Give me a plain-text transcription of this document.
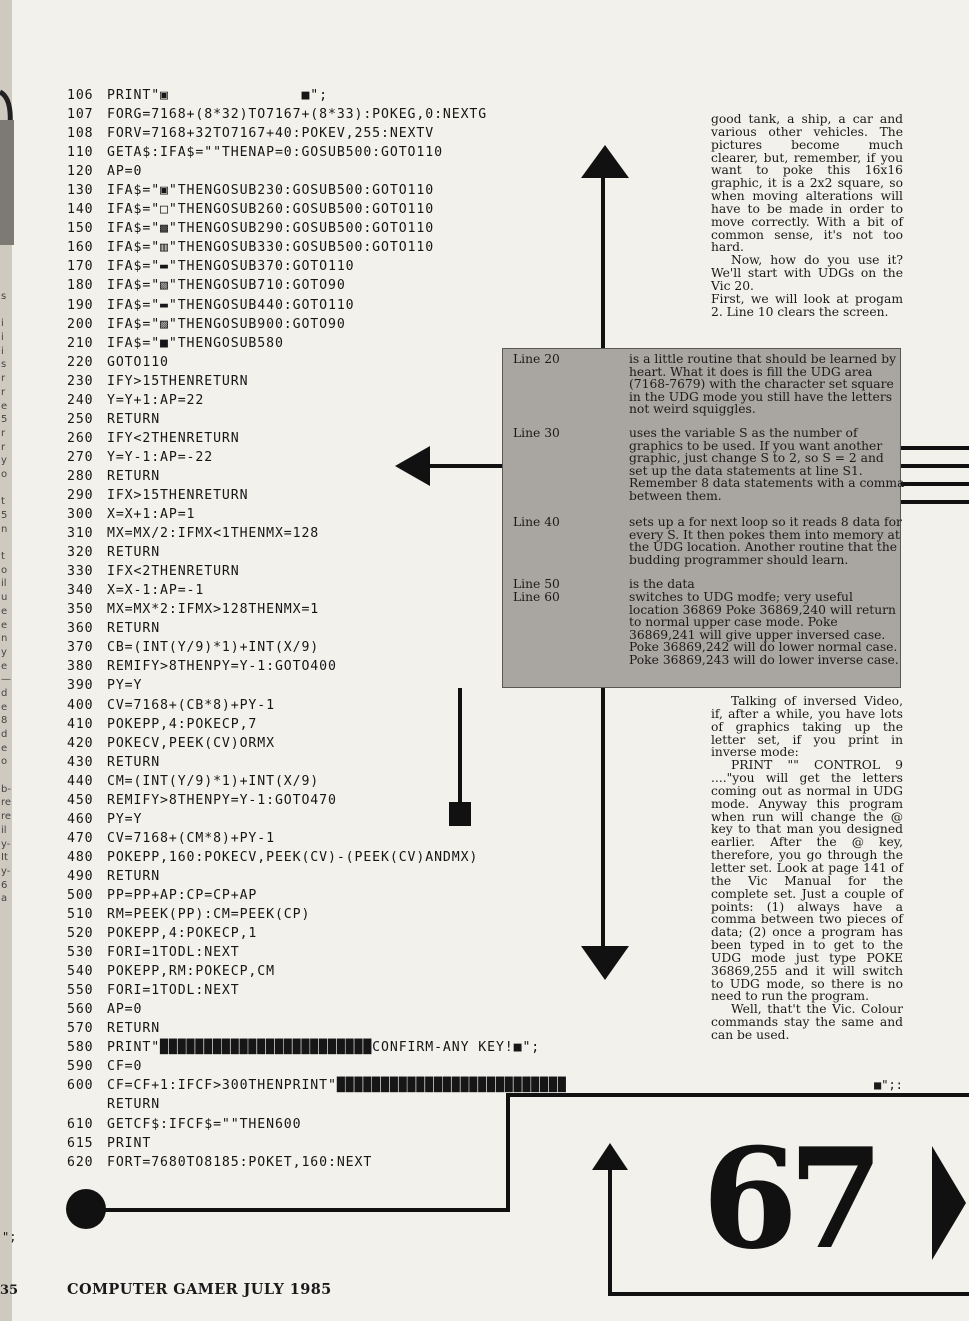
s
i
i
i
s
r
r
e
5
r
r
y
o
t
5
n
t
o
il
u
e
e
n
y
e
—
d
e
8
d
e
o
b-
re
re
il
y-
It
y-
6
a
";
35
106 PRINT"▣               ■";
107 FORG=7168+(8*32)TO7167+(8*33):POKEG,0:NEXTG
108 FORV=7168+32TO7167+40:POKEV,255:NEXTV
110 GETA$:IFA$=""THENAP=0:GOSUB500:GOTO110
120 AP=0
130 IFA$="▣"THENGOSUB230:GOSUB500:GOTO110
140 IFA$="□"THENGOSUB260:GOSUB500:GOTO110
150 IFA$="▩"THENGOSUB290:GOSUB500:GOTO110
160 IFA$="▥"THENGOSUB330:GOSUB500:GOTO110
170 IFA$="▬"THENGOSUB370:GOTO110
180 IFA$="▧"THENGOSUB710:GOTO90
190 IFA$="▬"THENGOSUB440:GOTO110
200 IFA$="▨"THENGOSUB900:GOTO90
210 IFA$="■"THENGOSUB580
220 GOTO110
230 IFY>15THENRETURN
240 Y=Y+1:AP=22
250 RETURN
260 IFY<2THENRETURN
270 Y=Y-1:AP=-22
280 RETURN
290 IFX>15THENRETURN
300 X=X+1:AP=1
310 MX=MX/2:IFMX<1THENMX=128
320 RETURN
330 IFX<2THENRETURN
340 X=X-1:AP=-1
350 MX=MX*2:IFMX>128THENMX=1
360 RETURN
370 CB=(INT(Y/9)*1)+INT(X/9)
380 REMIFY>8THENPY=Y-1:GOTO400
390 PY=Y
400 CV=7168+(CB*8)+PY-1
410 POKEPP,4:POKECP,7
420 POKECV,PEEK(CV)ORMX
430 RETURN
440 CM=(INT(Y/9)*1)+INT(X/9)
450 REMIFY>8THENPY=Y-1:GOTO470
460 PY=Y
470 CV=7168+(CM*8)+PY-1
480 POKEPP,160:POKECV,PEEK(CV)-(PEEK(CV)ANDMX)
490 RETURN
500 PP=PP+AP:CP=CP+AP
510 RM=PEEK(PP):CM=PEEK(CP)
520 POKEPP,4:POKECP,1
530 FORI=1TODL:NEXT
540 POKEPP,RM:POKECP,CM
550 FORI=1TODL:NEXT
560 AP=0
570 RETURN
580 PRINT"████████████████████████CONFIRM-ANY KEY!■";
590 CF=0
600 CF=CF+1:IFCF>300THENPRINT"██████████████████████████
RETURN
610 GETCF$:IFCF$=""THEN600
615 PRINT
620 FORT=7680TO8185:POKET,160:NEXT

good tank, a ship, a car and various other vehicles. The pictures become much clearer, but, remember, if you want to poke this 16x16 graphic, it is a 2x2 square, so when moving alterations will have to be made in order to move correctly. With a bit of common sense, it's not too hard.

Now, how do you use it? We'll start with UDGs on the Vic 20.

First, we will look at progam 2. Line 10 clears the screen.

Line 20	is a little routine that should be learned by heart. What it does is fill the UDG area (7168-7679) with the character set square in the UDG mode you still have the letters not weird squiggles.
Line 30	uses the variable S as the number of graphics to be used. If you want another graphic, just change S to 2, so S = 2 and set up the data statements at line S1. Remember 8 data statements with a comma between them.
Line 40	sets up a for next loop so it reads 8 data for every S. It then pokes them into memory at the UDG location. Another routine that the budding programmer should learn.
Line 50	is the data
Line 60	switches to UDG modfe; very useful location 36869 Poke 36869,240 will return to normal upper case mode. Poke 36869,241 will give upper inversed case. Poke 36869,242 will do lower normal case. Poke 36869,243 will do lower inverse case.

Talking of inversed Video, if, after a while, you have lots of graphics taking up the letter set, if you print in inverse mode:

PRINT "" CONTROL 9 ...."you will get the letters coming out as normal in UDG mode. Anyway this program when run will change the @ key to that man you designed earlier. After the @ key, therefore, you go through the letter set. Look at page 141 of the Vic Manual for the complete set. Just a couple of points: (1) always have a comma between two pieces of data; (2) once a program has been typed in to get to the UDG mode just type POKE 36869,255 and it will switch to UDG mode, so there is no need to run the program.

Well, that't the Vic. Colour commands stay the same and can be used.

■";:
67
COMPUTER GAMER JULY 1985
